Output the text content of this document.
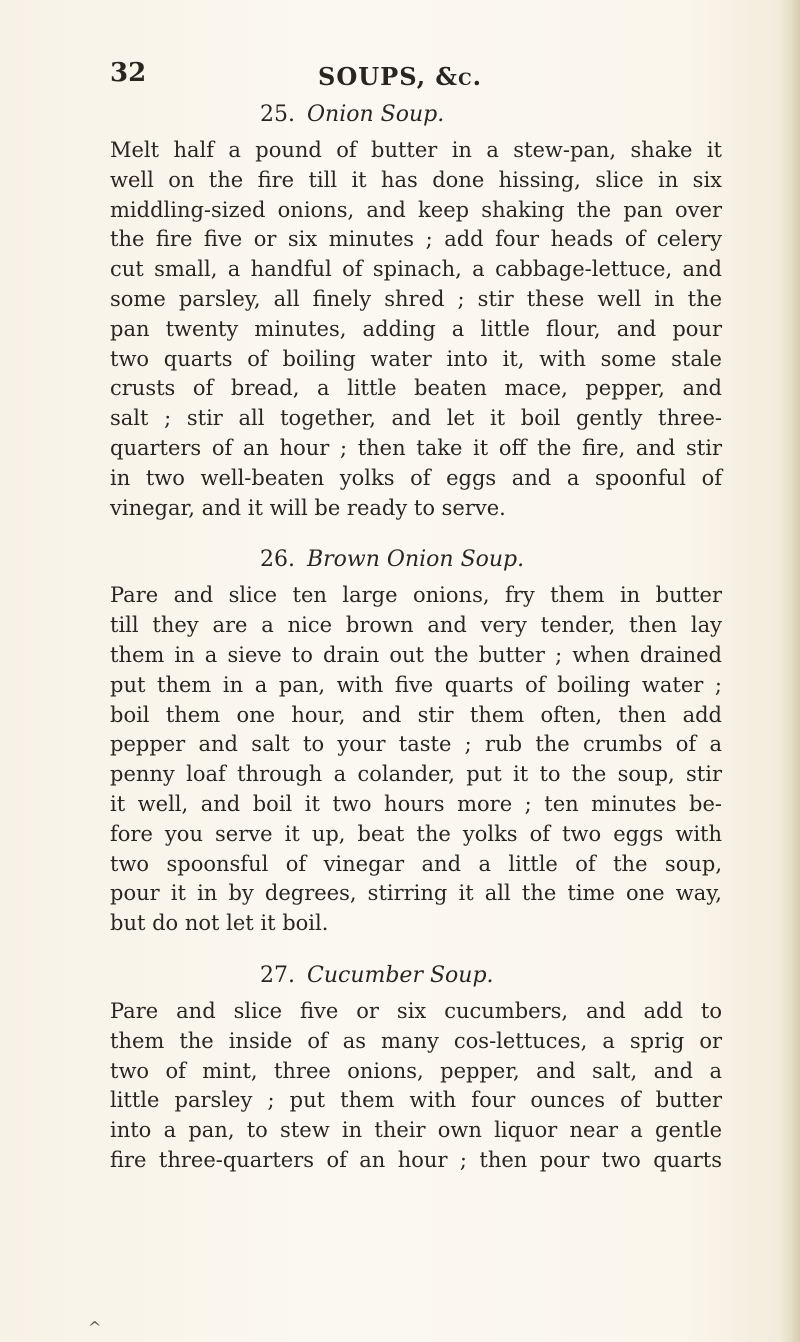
32	SOUPS, &c.
25. Onion Soup.
Melt half a pound of butter in a stew-pan, shake it
well on the fire till it has done hissing, slice in six
middling-sized onions, and keep shaking the pan over
the fire five or six minutes ; add four heads of celery
cut small, a handful of spinach, a cabbage-lettuce, and
some parsley, all finely shred ; stir these well in the
pan twenty minutes, adding a little flour, and pour
two quarts of boiling water into it, with some stale
crusts of bread, a little beaten mace, pepper, and
salt ; stir all together, and let it boil gently three-
quarters of an hour ; then take it off the fire, and stir
in two well-beaten yolks of eggs and a spoonful of
vinegar, and it will be ready to serve.
26. Brown Onion Soup.
Pare and slice ten large onions, fry them in butter
till they are a nice brown and very tender, then lay
them in a sieve to drain out the butter ; when drained
put them in a pan, with five quarts of boiling water ;
boil them one hour, and stir them often, then add
pepper and salt to your taste ; rub the crumbs of a
penny loaf through a colander, put it to the soup, stir
it well, and boil it two hours more ; ten minutes be-
fore you serve it up, beat the yolks of two eggs with
two spoonsful of vinegar and a little of the soup,
pour it in by degrees, stirring it all the time one way,
but do not let it boil.
27. Cucumber Soup.
Pare and slice five or six cucumbers, and add to
them the inside of as many cos-lettuces, a sprig or
two of mint, three onions, pepper, and salt, and a
little parsley ; put them with four ounces of butter
into a pan, to stew in their own liquor near a gentle
fire three-quarters of an hour ; then pour two quarts
^
